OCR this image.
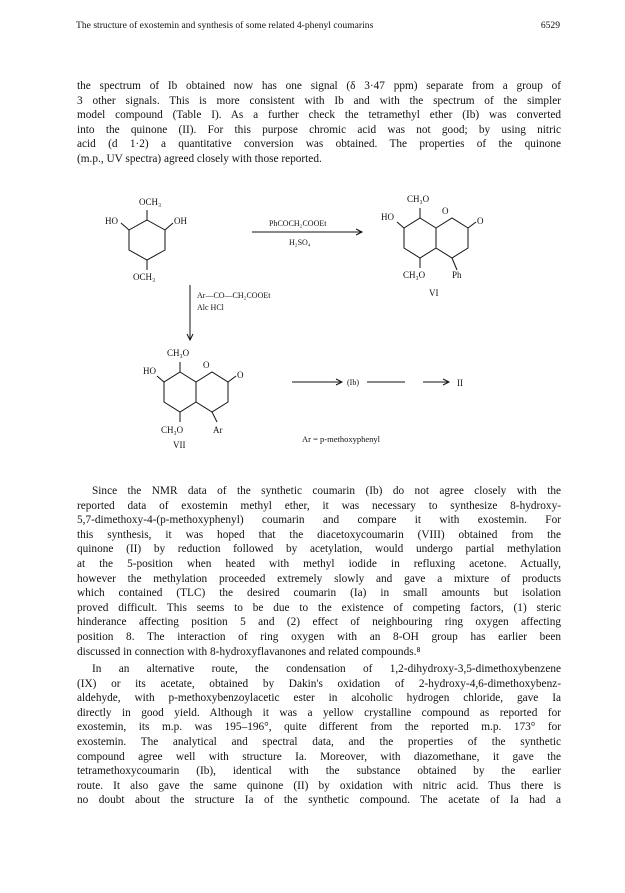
The structure of exostemin and synthesis of some related 4-phenyl coumarins	6529

the spectrum of Ib obtained now has one signal (δ 3·47 ppm) separate from a group of
3 other signals. This is more consistent with Ib and with the spectrum of the simpler
model compound (Table I). As a further check the tetramethyl ether (Ib) was converted
into the quinone (II). For this purpose chromic acid was not good; by using nitric
acid (d 1·2) a quantitative conversion was obtained. The properties of the quinone
(m.p., UV spectra) agreed closely with those reported.

OCH₃
HO	OH
OCH₃
PhCOCH₂COOEt
H₂SO₄
Ar—CO—CH₂COOEt
Alc HCl
CH₃O
HO
O
O
CH₃O	Ph
VI
CH₃O
HO
O
O
CH₃O	Ar
VII
(Ib)	II
Ar = p-methoxyphenyl

Since the NMR data of the synthetic coumarin (Ib) do not agree closely with the
reported data of exostemin methyl ether, it was necessary to synthesize 8-hydroxy-
5,7-dimethoxy-4-(p-methoxyphenyl) coumarin and compare it with exostemin. For
this synthesis, it was hoped that the diacetoxycoumarin (VIII) obtained from the
quinone (II) by reduction followed by acetylation, would undergo partial methylation
at the 5-position when heated with methyl iodide in refluxing acetone. Actually,
however the methylation proceeded extremely slowly and gave a mixture of products
which contained (TLC) the desired coumarin (Ia) in small amounts but isolation
proved difficult. This seems to be due to the existence of competing factors, (1) steric
hinderance affecting position 5 and (2) effect of neighbouring ring oxygen affecting
position 8. The interaction of ring oxygen with an 8-OH group has earlier been
discussed in connection with 8-hydroxyflavanones and related compounds.⁸

In an alternative route, the condensation of 1,2-dihydroxy-3,5-dimethoxybenzene
(IX) or its acetate, obtained by Dakin's oxidation of 2-hydroxy-4,6-dimethoxybenz-
aldehyde, with p-methoxybenzoylacetic ester in alcoholic hydrogen chloride, gave Ia
directly in good yield. Although it was a yellow crystalline compound as reported for
exostemin, its m.p. was 195–196°, quite different from the reported m.p. 173° for
exostemin. The analytical and spectral data, and the properties of the synthetic
compound agree well with structure Ia. Moreover, with diazomethane, it gave the
tetramethoxycoumarin (Ib), identical with the substance obtained by the earlier
route. It also gave the same quinone (II) by oxidation with nitric acid. Thus there is
no doubt about the structure Ia of the synthetic compound. The acetate of Ia had a
